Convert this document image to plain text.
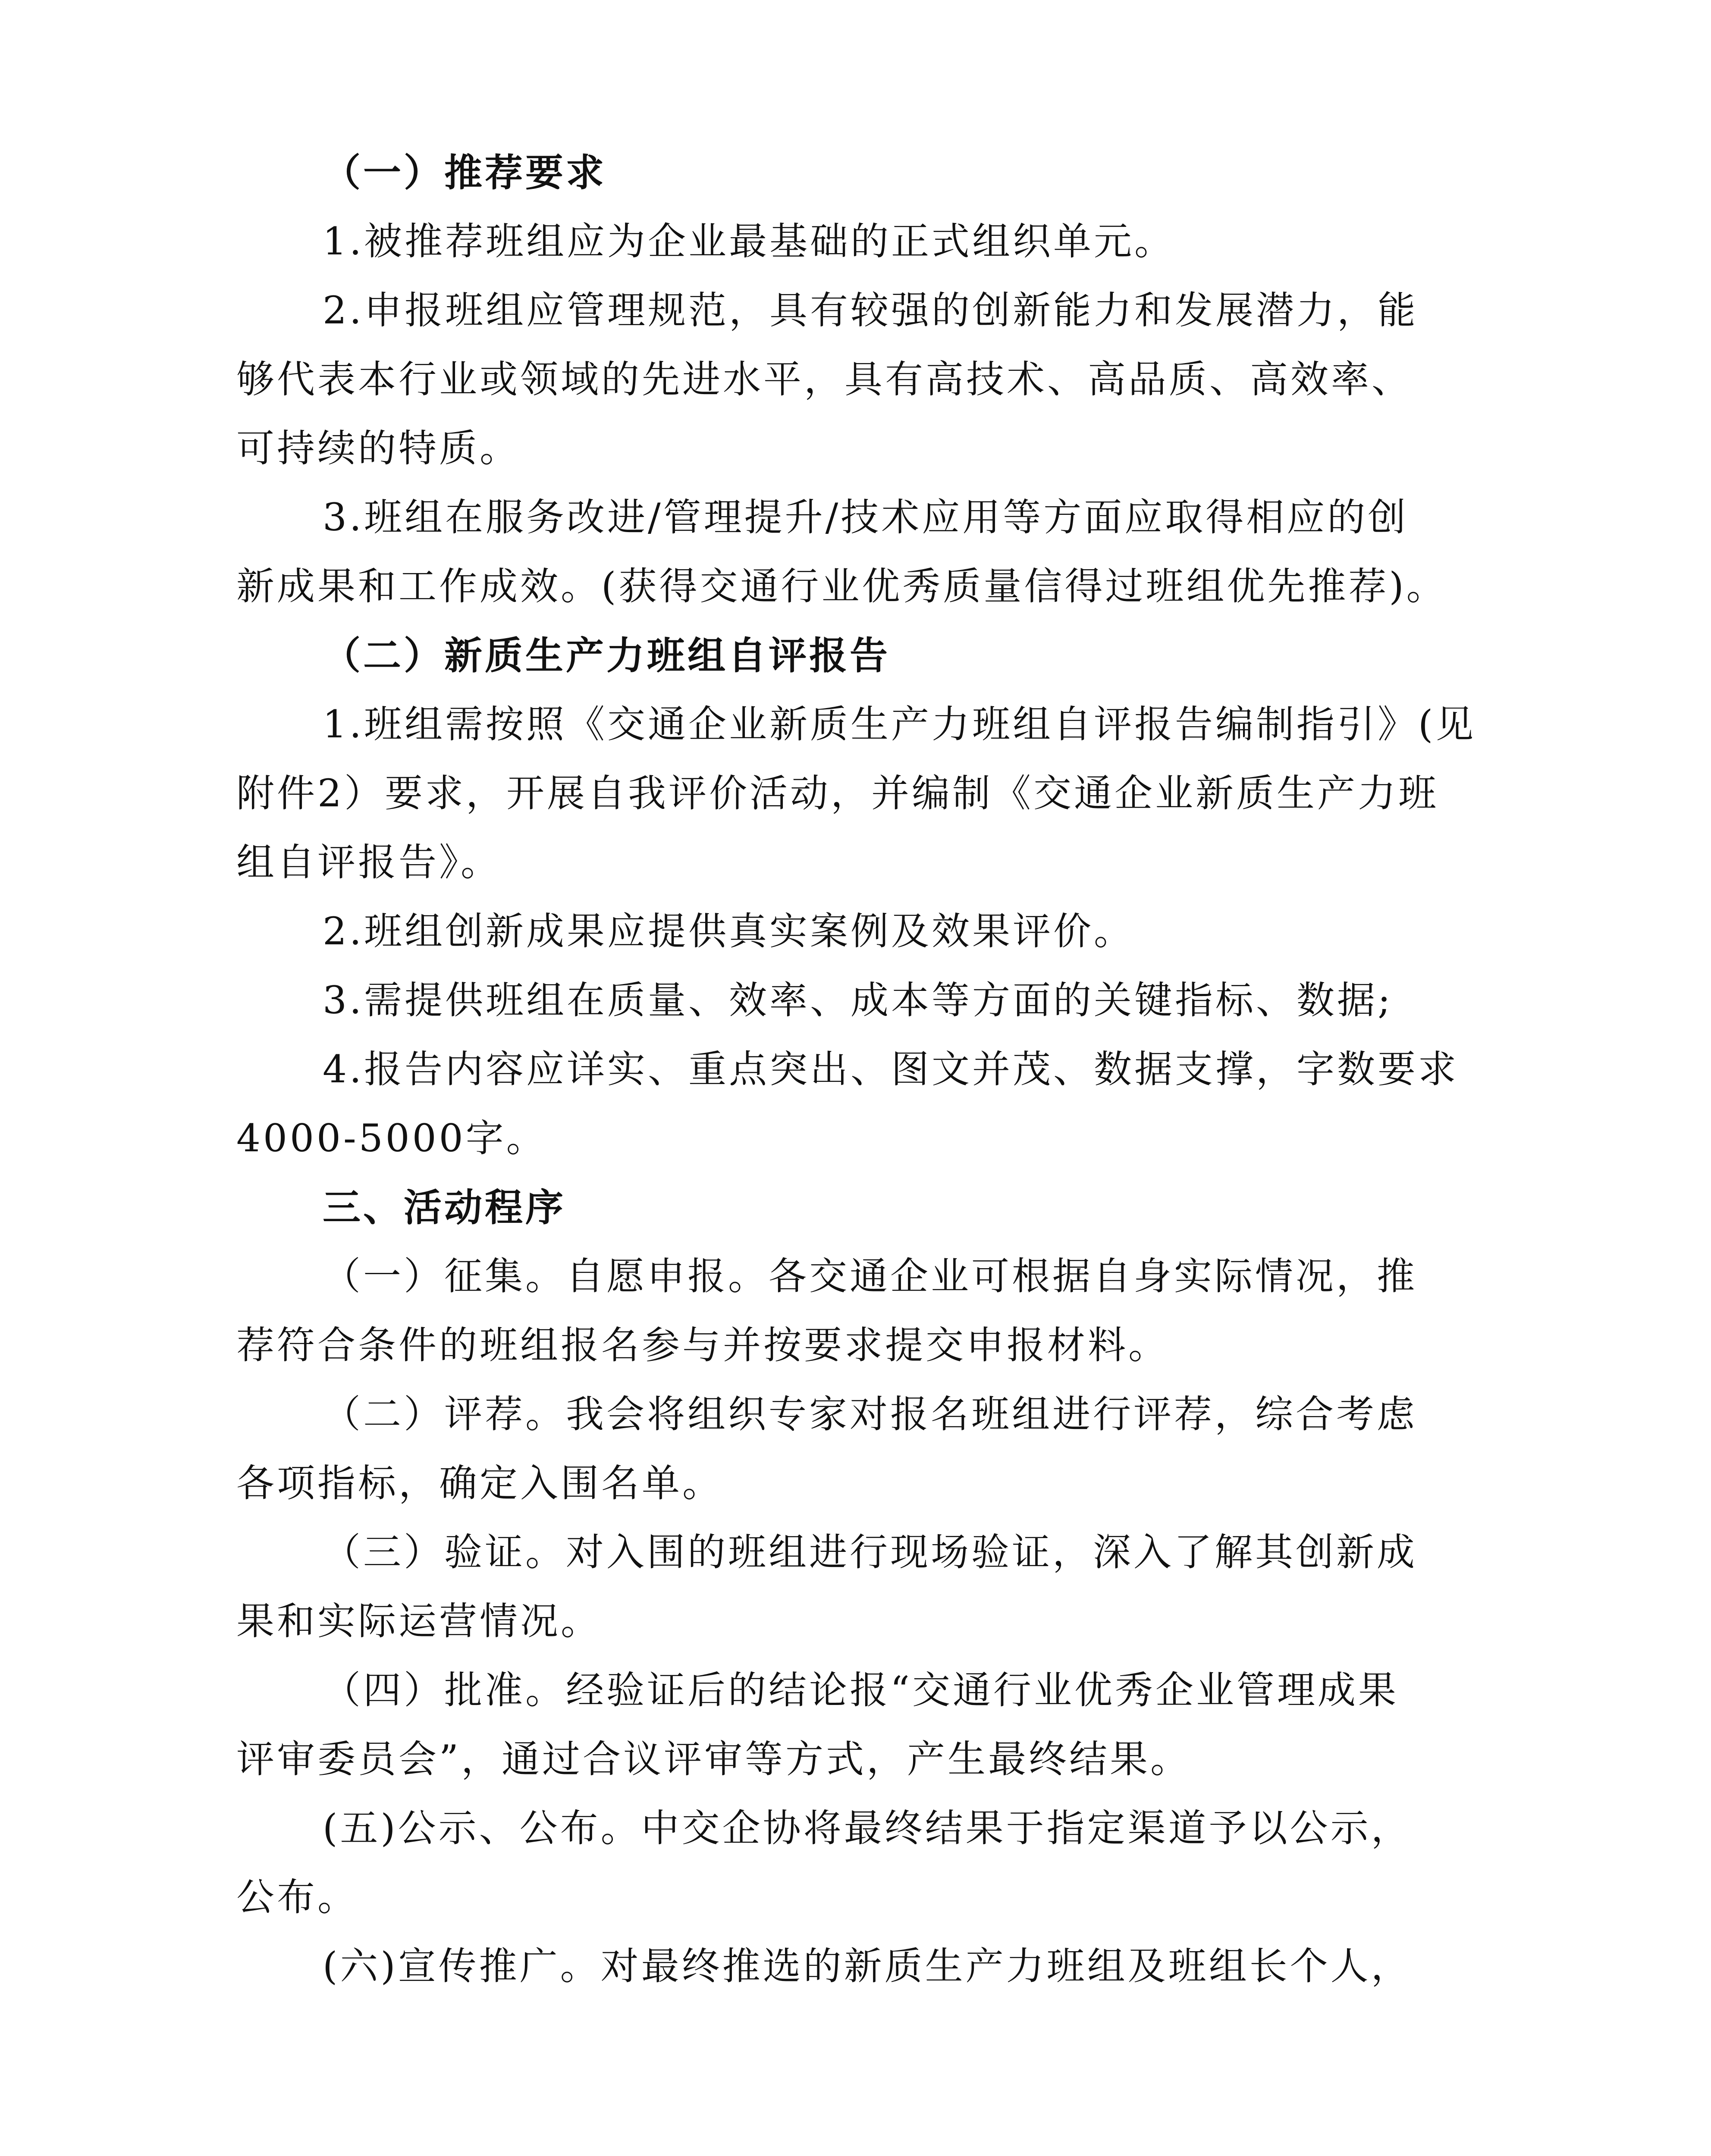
（一）推荐要求
1.被推荐班组应为企业最基础的正式组织单元。
2.申报班组应管理规范，具有较强的创新能力和发展潜力，能
够代表本行业或领域的先进水平，具有高技术、高品质、高效率、
可持续的特质。
3.班组在服务改进/管理提升/技术应用等方面应取得相应的创
新成果和工作成效。(获得交通行业优秀质量信得过班组优先推荐)。
（二）新质生产力班组自评报告
1.班组需按照《交通企业新质生产力班组自评报告编制指引》(见
附件2）要求，开展自我评价活动，并编制《交通企业新质生产力班
组自评报告》。
2.班组创新成果应提供真实案例及效果评价。
3.需提供班组在质量、效率、成本等方面的关键指标、数据;
4.报告内容应详实、重点突出、图文并茂、数据支撑，字数要求
4000-5000字。
三、活动程序
（一）征集。自愿申报。各交通企业可根据自身实际情况，推
荐符合条件的班组报名参与并按要求提交申报材料。
（二）评荐。我会将组织专家对报名班组进行评荐，综合考虑
各项指标，确定入围名单。
（三）验证。对入围的班组进行现场验证，深入了解其创新成
果和实际运营情况。
（四）批准。经验证后的结论报“交通行业优秀企业管理成果
评审委员会”，通过合议评审等方式，产生最终结果。
(五)公示、公布。中交企协将最终结果于指定渠道予以公示，
公布。
(六)宣传推广。对最终推选的新质生产力班组及班组长个人，
